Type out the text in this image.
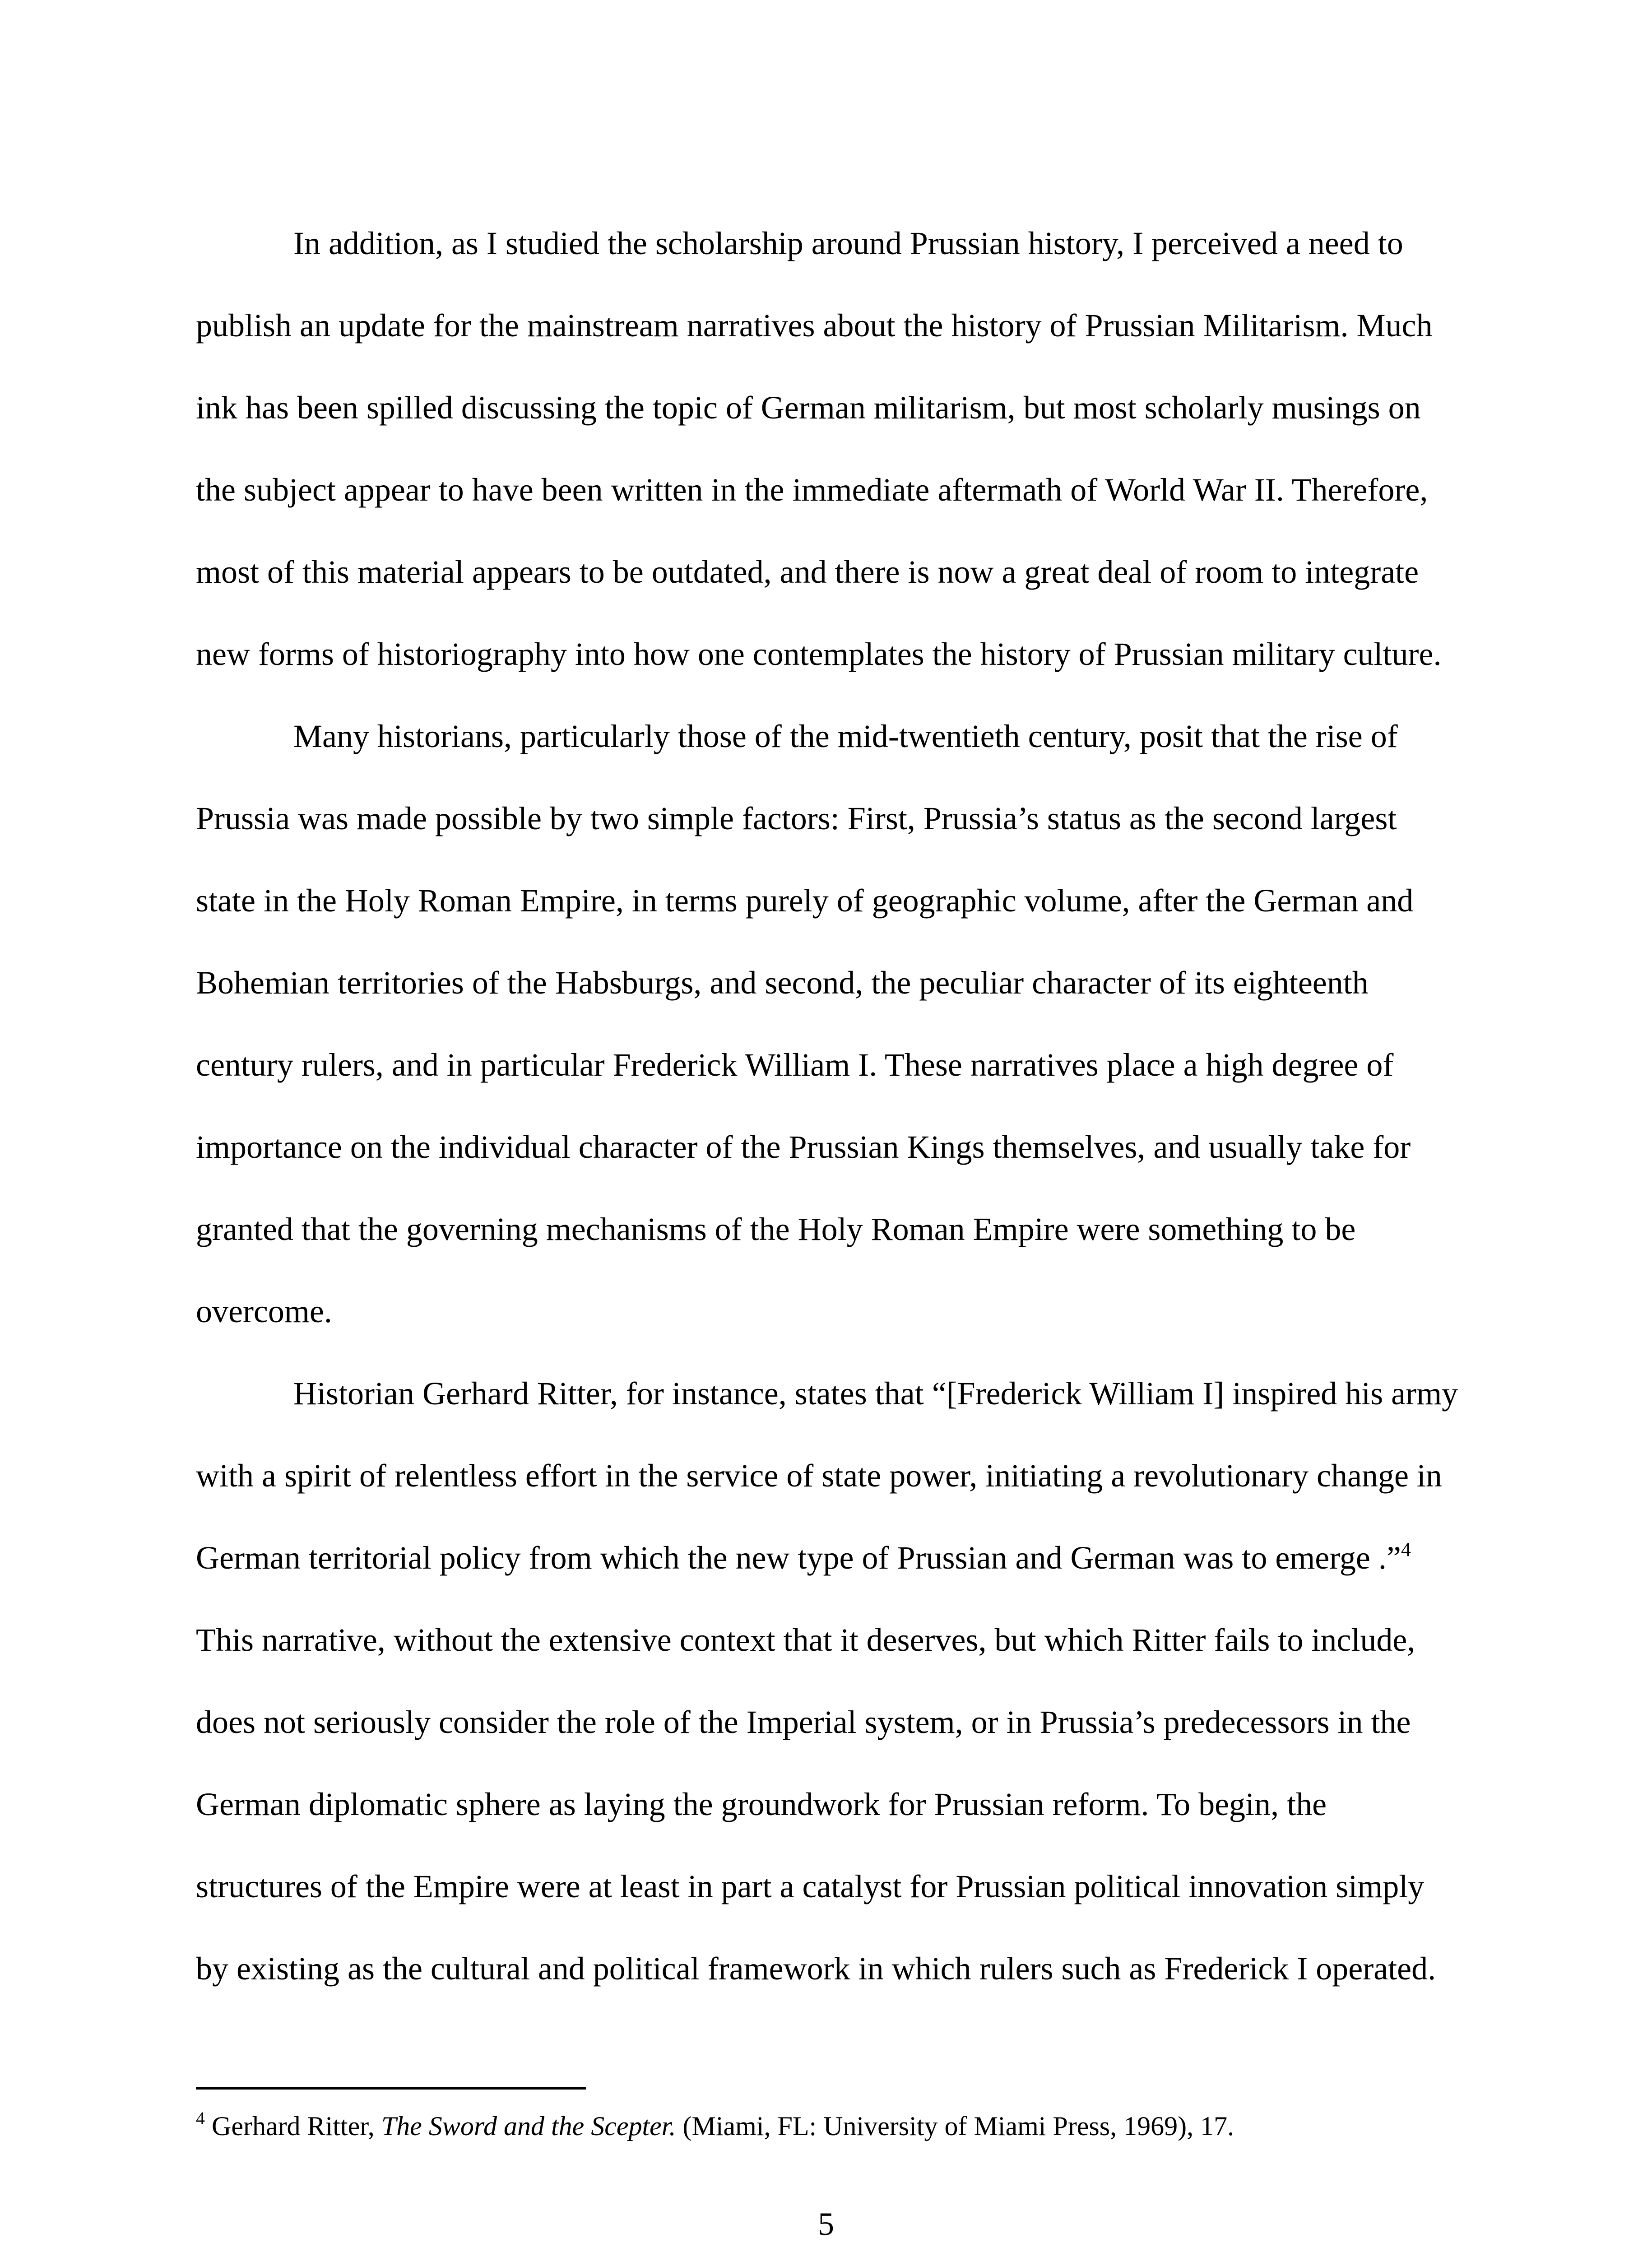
In addition, as I studied the scholarship around Prussian history, I perceived a need to publish an update for the mainstream narratives about the history of Prussian Militarism. Much ink has been spilled discussing the topic of German militarism, but most scholarly musings on the subject appear to have been written in the immediate aftermath of World War II. Therefore, most of this material appears to be outdated, and there is now a great deal of room to integrate new forms of historiography into how one contemplates the history of Prussian military culture.

Many historians, particularly those of the mid-twentieth century, posit that the rise of Prussia was made possible by two simple factors: First, Prussia’s status as the second largest state in the Holy Roman Empire, in terms purely of geographic volume, after the German and Bohemian territories of the Habsburgs, and second, the peculiar character of its eighteenth century rulers, and in particular Frederick William I. These narratives place a high degree of importance on the individual character of the Prussian Kings themselves, and usually take for granted that the governing mechanisms of the Holy Roman Empire were something to be overcome.

Historian Gerhard Ritter, for instance, states that “[Frederick William I] inspired his army with a spirit of relentless effort in the service of state power, initiating a revolutionary change in German territorial policy from which the new type of Prussian and German was to emerge .”$^4$ This narrative, without the extensive context that it deserves, but which Ritter fails to include, does not seriously consider the role of the Imperial system, or in Prussia’s predecessors in the German diplomatic sphere as laying the groundwork for Prussian reform. To begin, the structures of the Empire were at least in part a catalyst for Prussian political innovation simply by existing as the cultural and political framework in which rulers such as Frederick I operated.

$^4$ Gerhard Ritter, The Sword and the Scepter. (Miami, FL: University of Miami Press, 1969), 17.
5
